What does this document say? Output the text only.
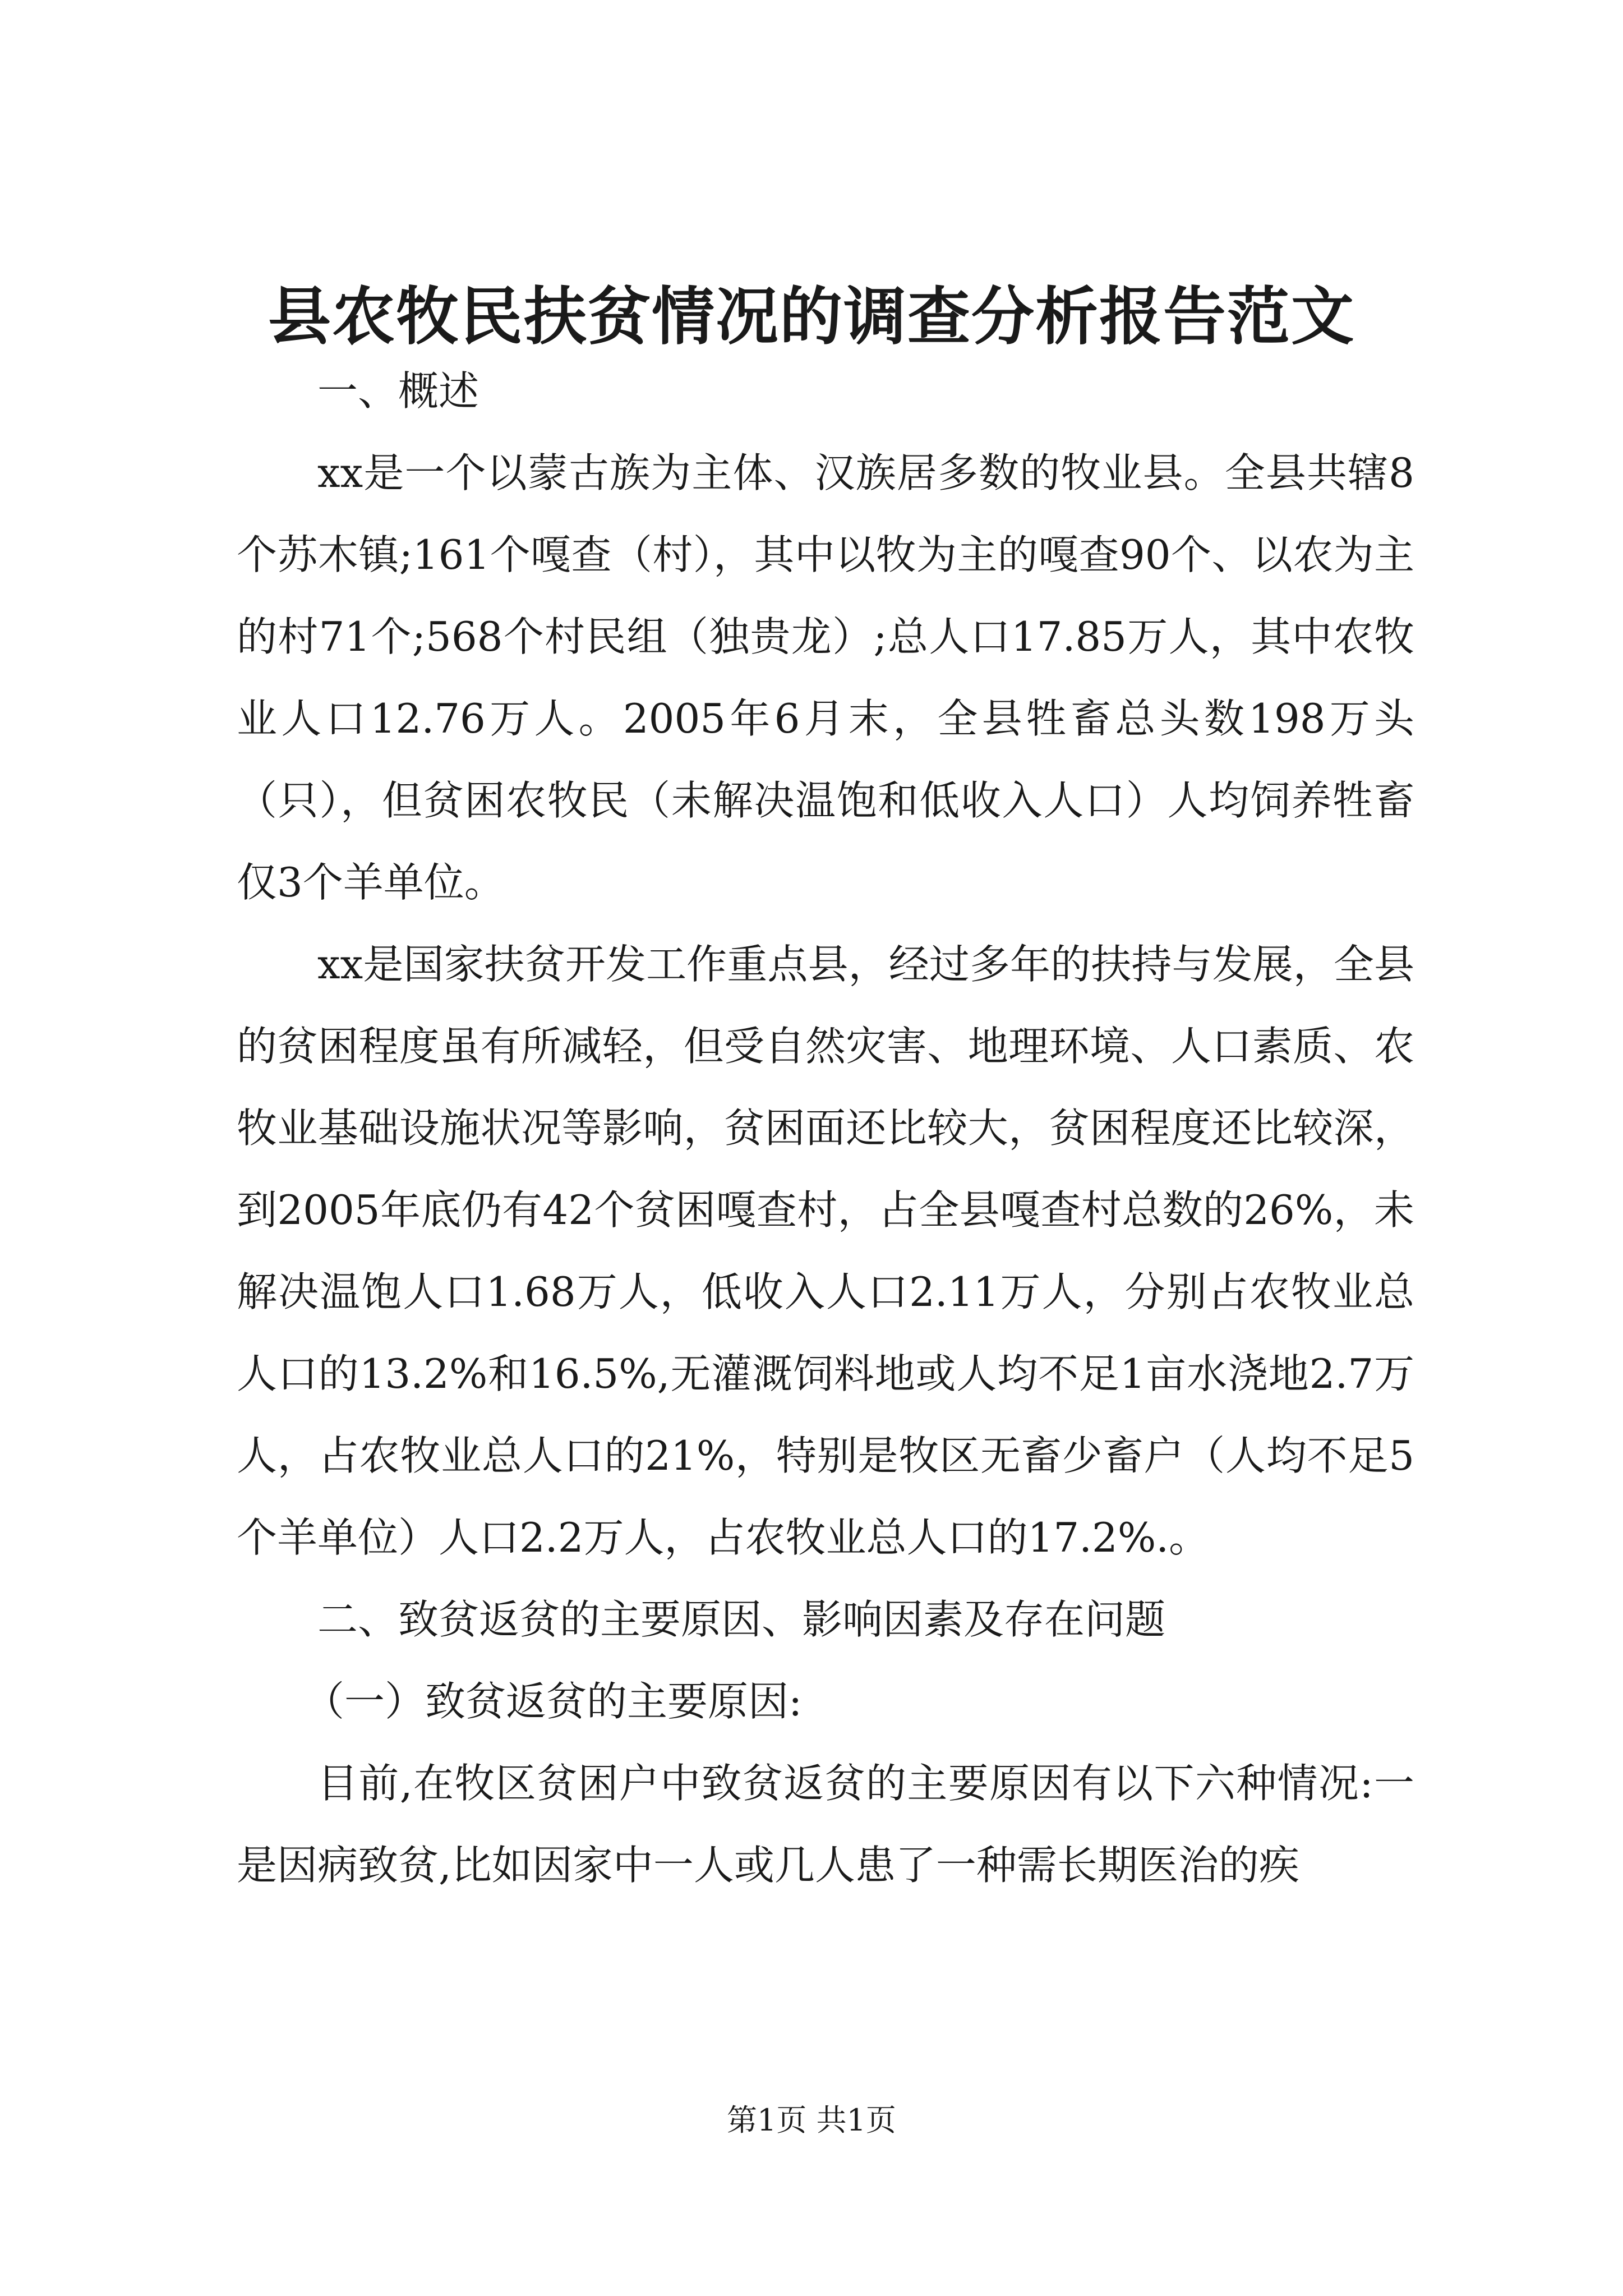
县农牧民扶贫情况的调查分析报告范文

一、概述

xx是一个以蒙古族为主体、汉族居多数的牧业县。全县共辖8个苏木镇;161个嘎查（村），其中以牧为主的嘎查90个、以农为主的村71个;568个村民组（独贵龙）;总人口17.85万人，其中农牧业人口12.76万人。2005年6月末，全县牲畜总头数198万头（只），但贫困农牧民（未解决温饱和低收入人口）人均饲养牲畜仅3个羊单位。

xx是国家扶贫开发工作重点县，经过多年的扶持与发展，全县的贫困程度虽有所减轻，但受自然灾害、地理环境、人口素质、农牧业基础设施状况等影响，贫困面还比较大，贫困程度还比较深，到2005年底仍有42个贫困嘎查村，占全县嘎查村总数的26%，未解决温饱人口1.68万人，低收入人口2.11万人，分别占农牧业总人口的13.2%和16.5%,无灌溉饲料地或人均不足1亩水浇地2.7万人，占农牧业总人口的21%，特别是牧区无畜少畜户（人均不足5个羊单位）人口2.2万人，占农牧业总人口的17.2%.。

二、致贫返贫的主要原因、影响因素及存在问题

（一）致贫返贫的主要原因:

目前,在牧区贫困户中致贫返贫的主要原因有以下六种情况:一是因病致贫,比如因家中一人或几人患了一种需长期医治的疾

第1页 共1页
